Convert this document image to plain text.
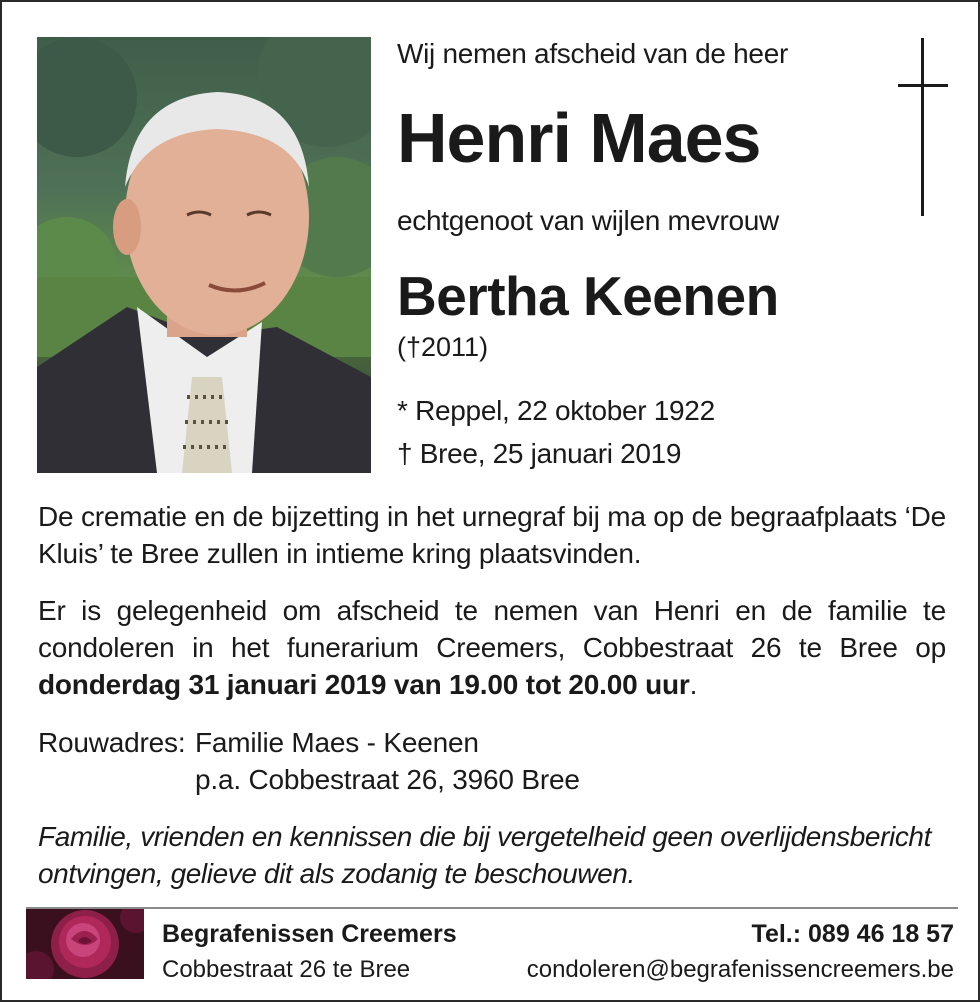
Wij nemen afscheid van de heer
Henri Maes
echtgenoot van wijlen mevrouw
Bertha Keenen
(†2011)
* Reppel, 22 oktober 1922
† Bree, 25 januari 2019
De crematie en de bijzetting in het urnegraf bij ma op de begraafplaats ‘De Kluis’ te Bree zullen in intieme kring plaatsvinden.
Er is gelegenheid om afscheid te nemen van Henri en de familie te condoleren in het funerarium Creemers, Cobbestraat 26 te Bree op donderdag 31 januari 2019 van 19.00 tot 20.00 uur.
Rouwadres: Familie Maes - Keenen
p.a. Cobbestraat 26, 3960 Bree
Familie, vrienden en kennissen die bij vergetelheid geen overlijdensbericht ontvingen, gelieve dit als zodanig te beschouwen.
Begrafenissen Creemers
Cobbestraat 26 te Bree
Tel.: 089 46 18 57
condoleren@begrafenissencreemers.be
